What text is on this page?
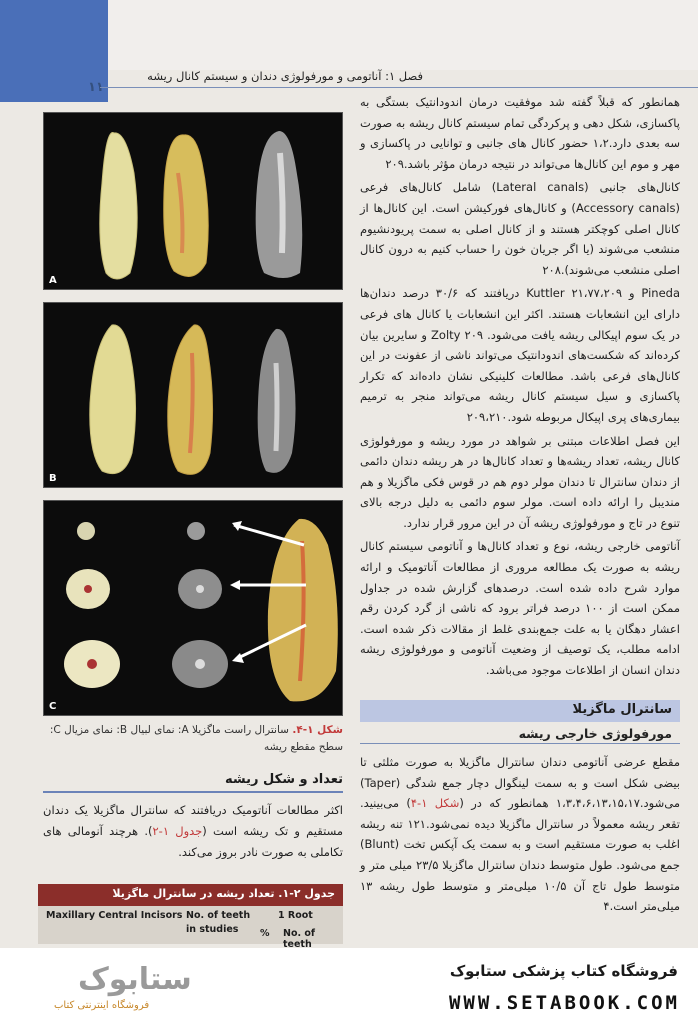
۱۱
فصل ۱: آناتومی و مورفولوژی دندان و سیستم کانال ریشه
A
B
C
شکل ۱-۴. سانترال راست ماگزیلا A: نمای لبیال B: نمای مزیال C: سطح مقطع ریشه
تعداد و شکل ریشه
اکثر مطالعات آناتومیک دریافتند که سانترال ماگزیلا یک دندان مستقیم و تک ریشه است (جدول ۱-۲). هرچند آنومالی های تکاملی به صورت نادر بروز می‌کند.
جدول ۲-۱. تعداد ریشه در سانترال ماگزیلا
Maxillary Central Incisors No. of teeth
in studies
1 Root
% No. of teeth

همانطور که قبلاً گفته شد موفقیت درمان اندودانتیک بستگی به پاکسازی، شکل دهی و پرکردگی تمام سیستم کانال ریشه به صورت سه بعدی دارد.۱،۲ حضور کانال های جانبی و توانایی در پاکسازی و مهر و موم این کانال‌ها می‌تواند در نتیجه درمان مؤثر باشد.۲۰۹

کانال‌های جانبی (Lateral canals) شامل کانال‌های فرعی (Accessory canals) و کانال‌های فورکیشن است. این کانال‌ها از کانال اصلی کوچکتر هستند و از کانال اصلی به سمت پریودنشیوم منشعب می‌شوند (یا اگر جریان خون را حساب کنیم به درون کانال اصلی منشعب می‌شوند).۲۰۸

Pineda و Kuttler ۲۱،۷۷،۲۰۹ دریافتند که ۳۰/۶ درصد دندان‌ها دارای این انشعابات هستند. اکثر این انشعابات یا کانال های فرعی در یک سوم اپیکالی ریشه یافت می‌شود. Zolty ۲۰۹ و سایرین بیان کرده‌اند که شکست‌های اندودانتیک می‌تواند ناشی از عفونت در این کانال‌های فرعی باشد. مطالعات کلینیکی نشان داده‌اند که تکرار پاکسازی و سیل سیستم کانال ریشه می‌تواند منجر به ترمیم بیماری‌های پری اپیکال مربوطه شود.۲۰۹،۲۱۰

این فصل اطلاعات مبتنی بر شواهد در مورد ریشه و مورفولوژی کانال ریشه، تعداد ریشه‌ها و تعداد کانال‌ها در هر ریشه دندان دائمی از دندان سانترال تا دندان مولر دوم هم در قوس فکی ماگزیلا و هم مندیبل را ارائه داده است. مولر سوم دائمی به دلیل درجه بالای تنوع در تاج و مورفولوژی ریشه آن در این مرور قرار ندارد.

آناتومی خارجی ریشه، نوع و تعداد کانال‌ها و آناتومی سیستم کانال ریشه به صورت یک مطالعه مروری از مطالعات آناتومیک و ارائه موارد شرح داده شده است. درصدهای گزارش شده در جداول ممکن است از ۱۰۰ درصد فراتر برود که ناشی از گرد کردن رقم اعشار دهگان یا به علت جمع‌بندی غلط از مقالات ذکر شده است. ادامه مطلب، یک توصیف از وضعیت آناتومی و مورفولوژی ریشه دندان انسان از اطلاعات موجود می‌باشد.

سانترال ماگزیلا
مورفولوژی خارجی ریشه
مقطع عرضی آناتومی دندان سانترال ماگزیلا به صورت مثلثی تا بیضی شکل است و به سمت لینگوال دچار جمع شدگی (Taper) می‌شود.۱،۳،۴،۶،۱۳،۱۵،۱۷ همانطور که در (شکل ۱-۴) می‌بینید. تقعر ریشه معمولاً در سانترال ماگزیلا دیده نمی‌شود.۱۲۱ تنه ریشه اغلب به صورت مستقیم است و به سمت یک آپکس تخت (Blunt) جمع می‌شود. طول متوسط دندان سانترال ماگزیلا ۲۳/۵ میلی متر و متوسط طول تاج آن ۱۰/۵ میلی‌متر و متوسط طول ریشه ۱۳ میلی‌متر است.۴
ستابوک
فروشگاه اینترنتی کتاب
فروشگاه کتاب پزشکی ستابوک
WWW.SETABOOK.COM
